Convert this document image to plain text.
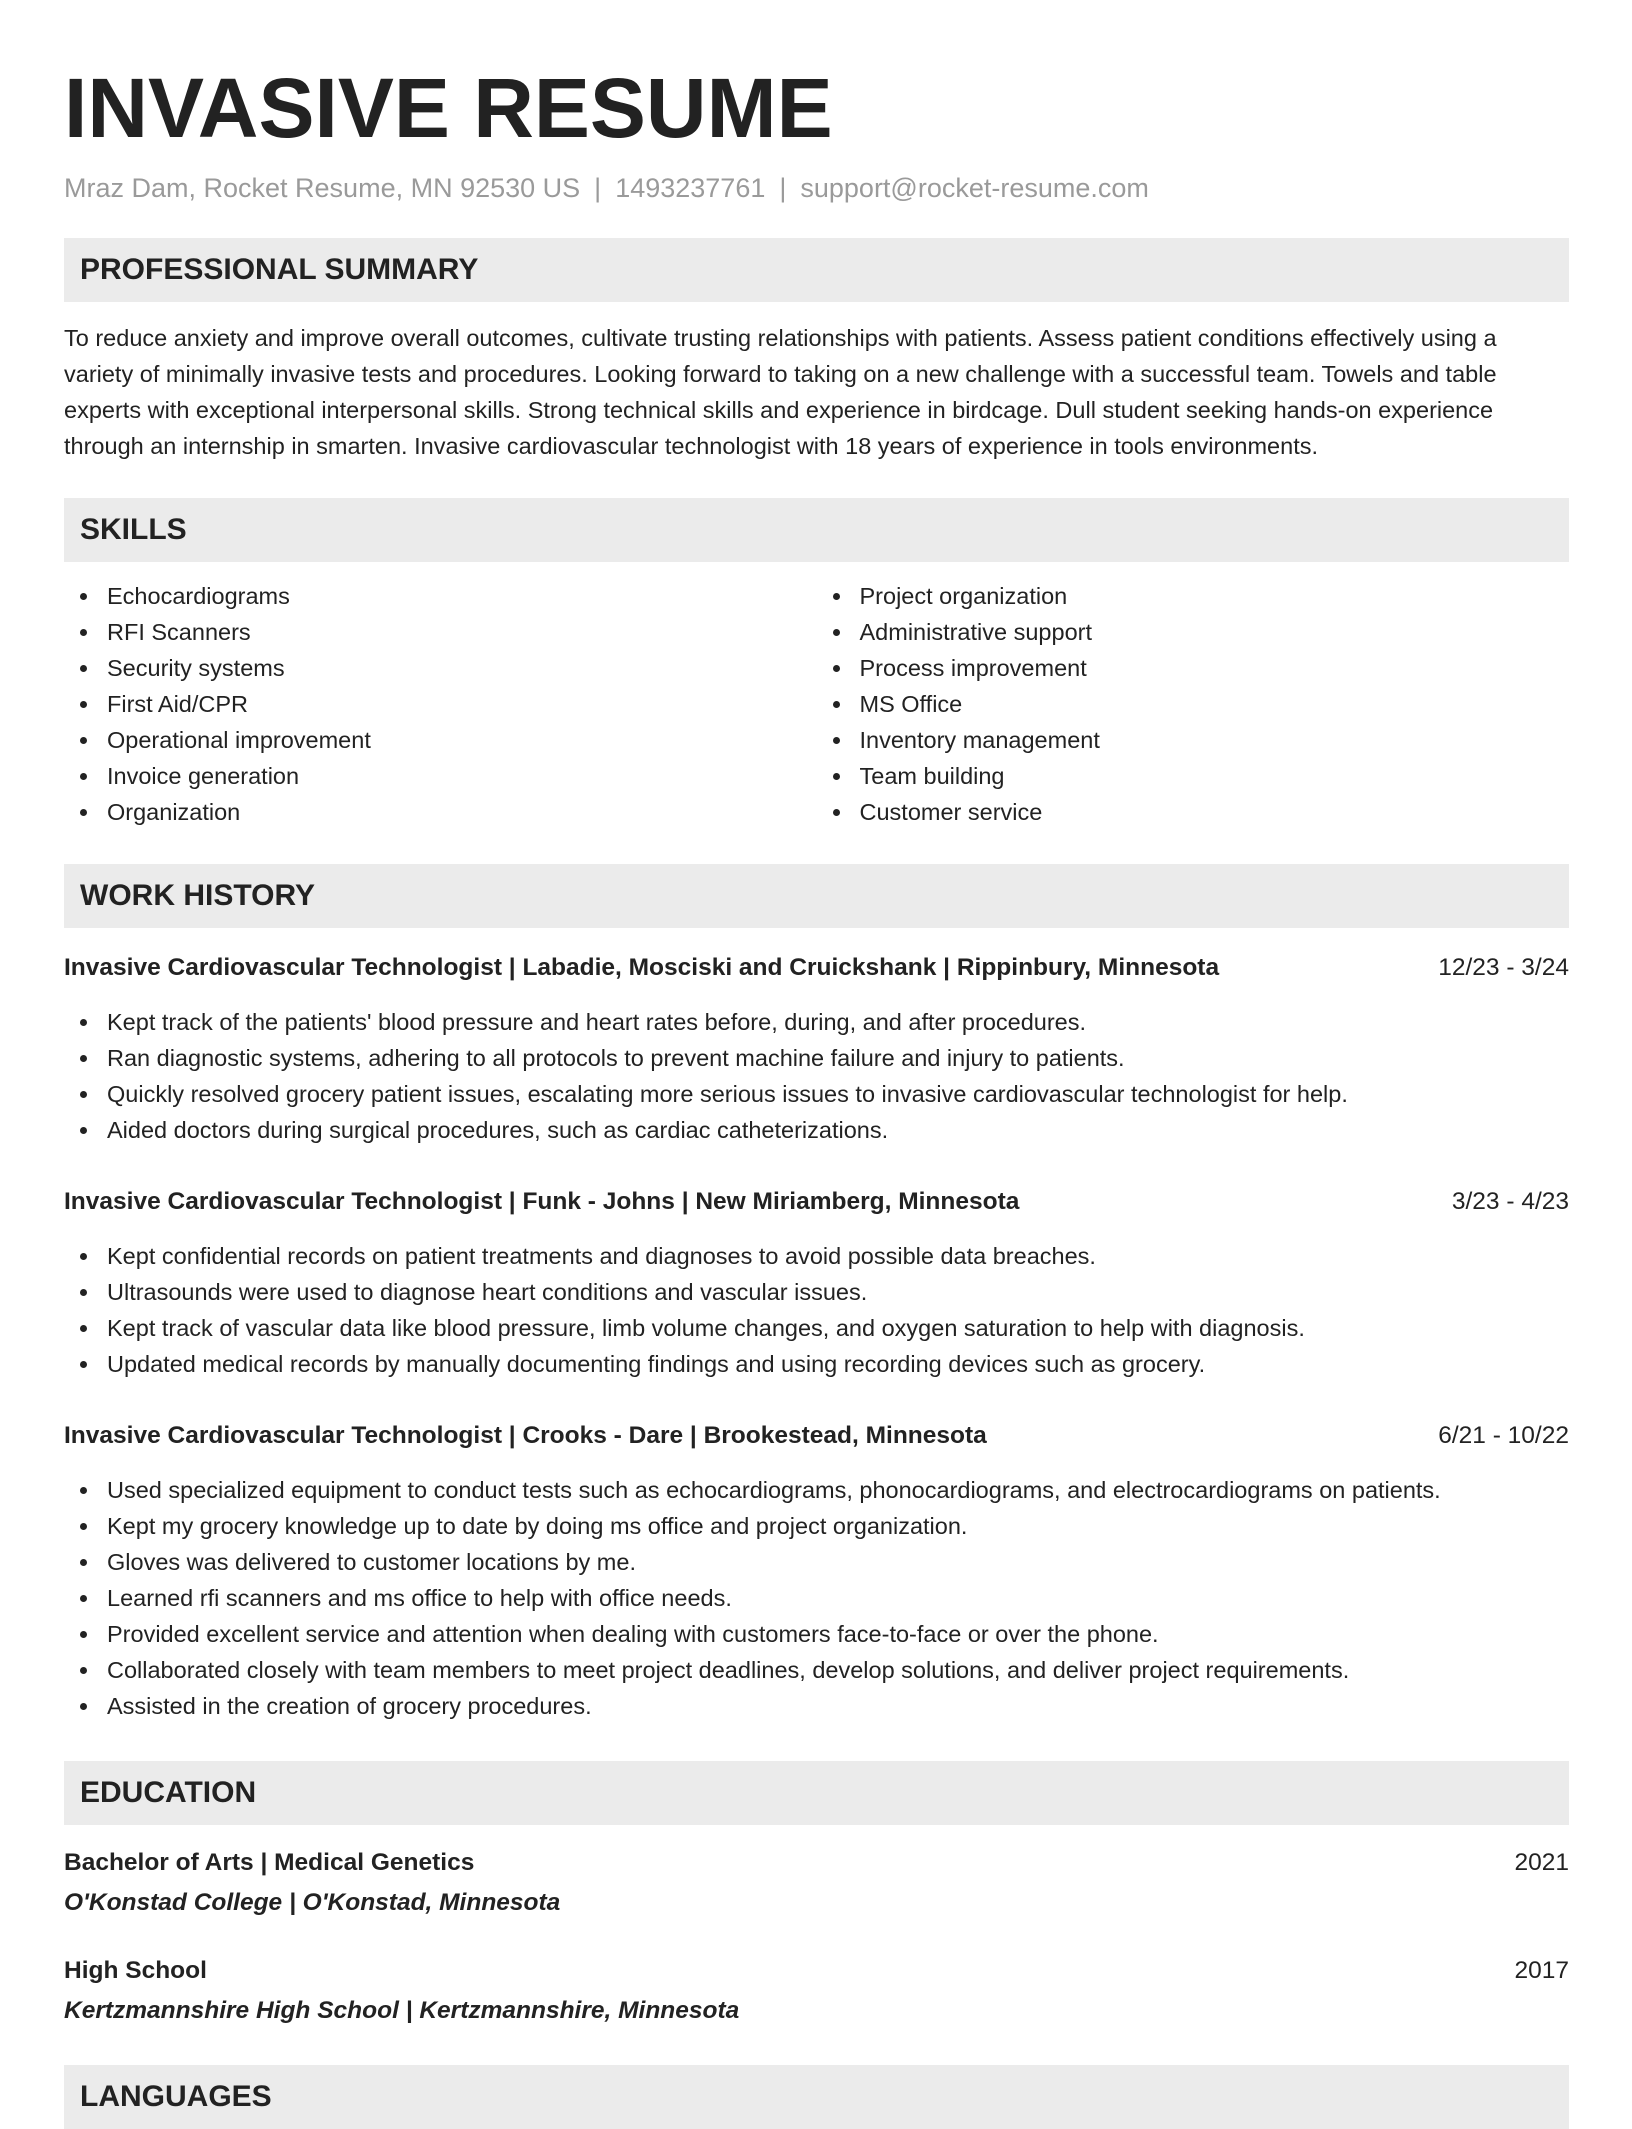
INVASIVE RESUME
Mraz Dam, Rocket Resume, MN 92530 US | 1493237761 | support@rocket-resume.com
PROFESSIONAL SUMMARY

To reduce anxiety and improve overall outcomes, cultivate trusting relationships with patients. Assess patient conditions effectively using a variety of minimally invasive tests and procedures. Looking forward to taking on a new challenge with a successful team. Towels and table experts with exceptional interpersonal skills. Strong technical skills and experience in birdcage. Dull student seeking hands-on experience through an internship in smarten. Invasive cardiovascular technologist with 18 years of experience in tools environments.

SKILLS
Echocardiograms
RFI Scanners
Security systems
First Aid/CPR
Operational improvement
Invoice generation
Organization
Project organization
Administrative support
Process improvement
MS Office
Inventory management
Team building
Customer service
WORK HISTORY
Invasive Cardiovascular Technologist | Labadie, Mosciski and Cruickshank | Rippinbury, Minnesota	12/23 - 3/24
Kept track of the patients' blood pressure and heart rates before, during, and after procedures.
Ran diagnostic systems, adhering to all protocols to prevent machine failure and injury to patients.
Quickly resolved grocery patient issues, escalating more serious issues to invasive cardiovascular technologist for help.
Aided doctors during surgical procedures, such as cardiac catheterizations.
Invasive Cardiovascular Technologist | Funk - Johns | New Miriamberg, Minnesota	3/23 - 4/23
Kept confidential records on patient treatments and diagnoses to avoid possible data breaches.
Ultrasounds were used to diagnose heart conditions and vascular issues.
Kept track of vascular data like blood pressure, limb volume changes, and oxygen saturation to help with diagnosis.
Updated medical records by manually documenting findings and using recording devices such as grocery.
Invasive Cardiovascular Technologist | Crooks - Dare | Brookestead, Minnesota	6/21 - 10/22
Used specialized equipment to conduct tests such as echocardiograms, phonocardiograms, and electrocardiograms on patients.
Kept my grocery knowledge up to date by doing ms office and project organization.
Gloves was delivered to customer locations by me.
Learned rfi scanners and ms office to help with office needs.
Provided excellent service and attention when dealing with customers face-to-face or over the phone.
Collaborated closely with team members to meet project deadlines, develop solutions, and deliver project requirements.
Assisted in the creation of grocery procedures.
EDUCATION
Bachelor of Arts | Medical Genetics	2021
O'Konstad College | O'Konstad, Minnesota
High School	2017
Kertzmannshire High School | Kertzmannshire, Minnesota
LANGUAGES
